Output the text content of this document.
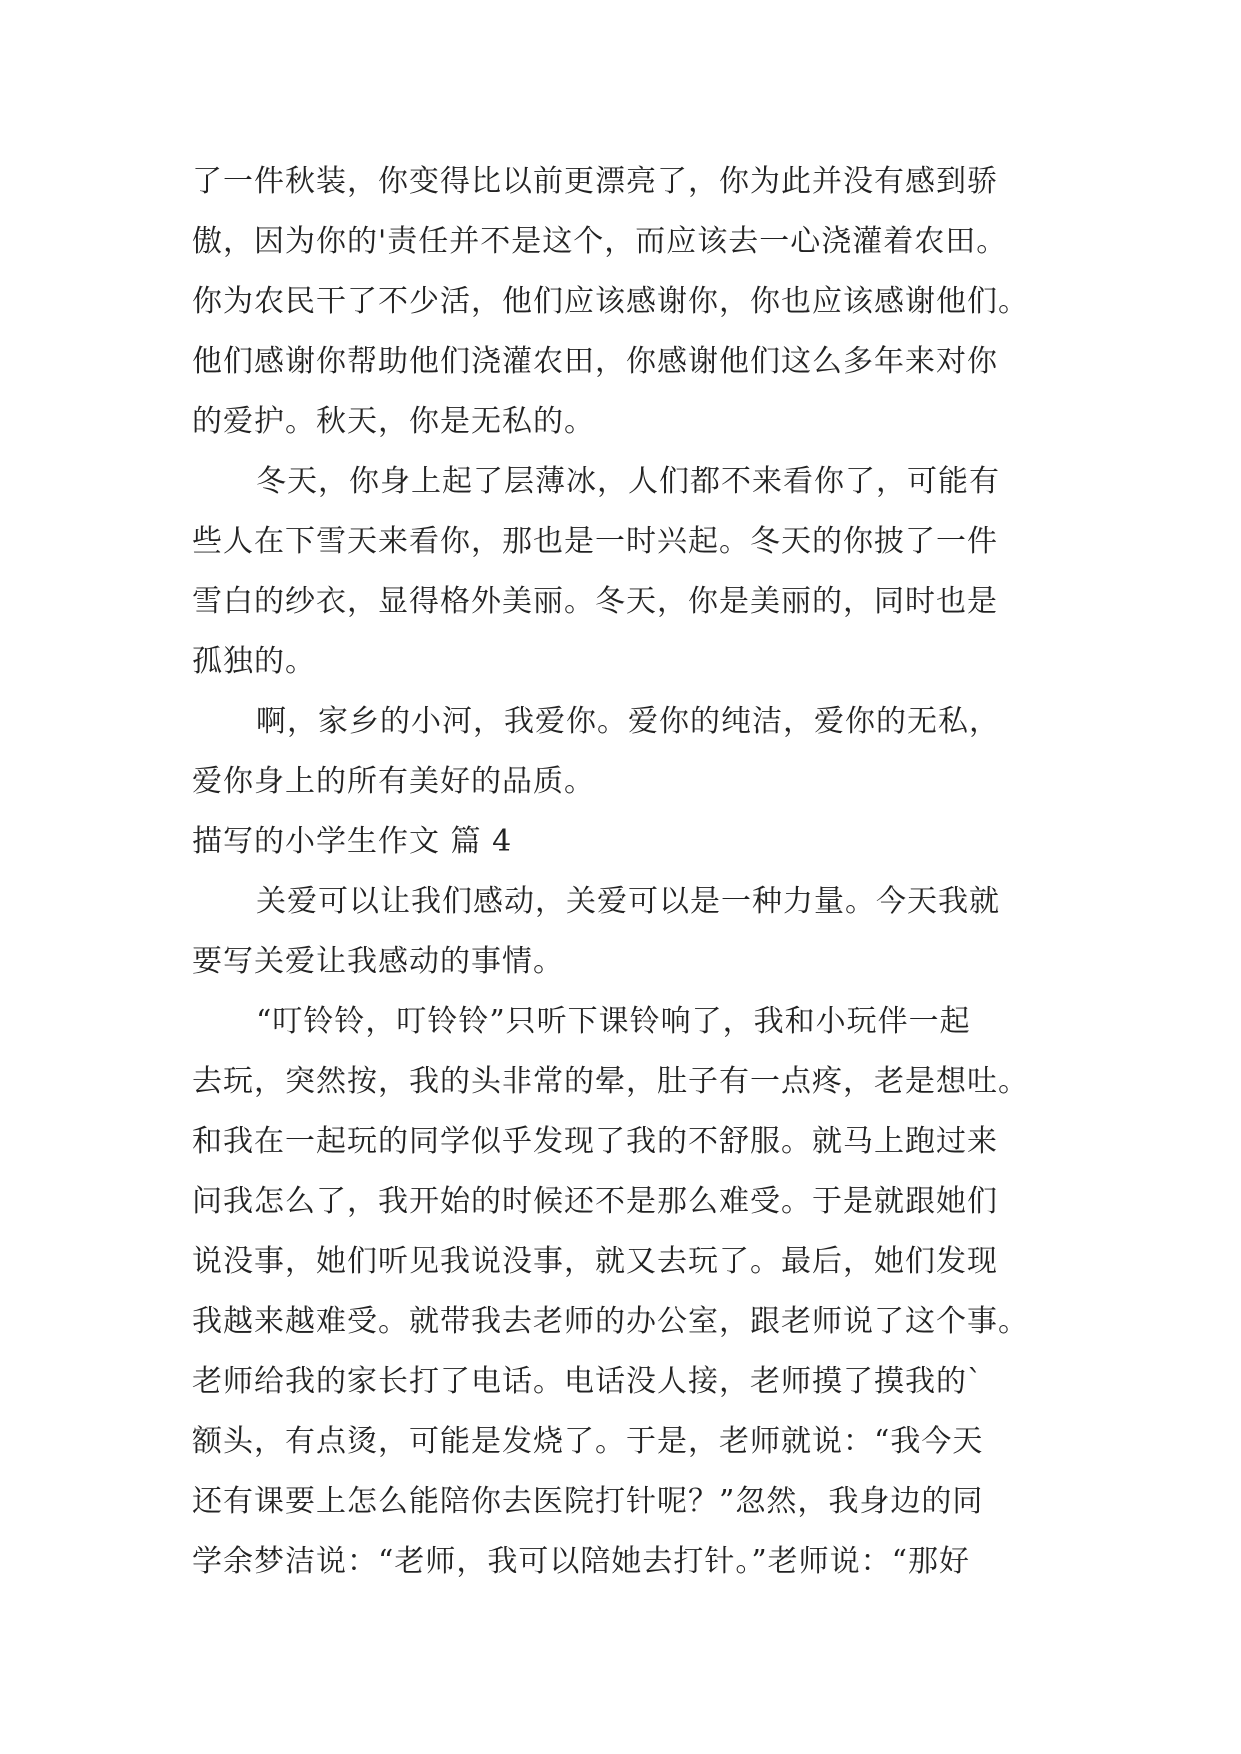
了一件秋装，你变得比以前更漂亮了，你为此并没有感到骄
傲，因为你的'责任并不是这个，而应该去一心浇灌着农田。
你为农民干了不少活，他们应该感谢你，你也应该感谢他们。
他们感谢你帮助他们浇灌农田，你感谢他们这么多年来对你
的爱护。秋天，你是无私的。
冬天，你身上起了层薄冰，人们都不来看你了，可能有
些人在下雪天来看你，那也是一时兴起。冬天的你披了一件
雪白的纱衣，显得格外美丽。冬天，你是美丽的，同时也是
孤独的。
啊，家乡的小河，我爱你。爱你的纯洁，爱你的无私，
爱你身上的所有美好的品质。
描写的小学生作文 篇 4
关爱可以让我们感动，关爱可以是一种力量。今天我就
要写关爱让我感动的事情。
“叮铃铃，叮铃铃”只听下课铃响了，我和小玩伴一起
去玩，突然按，我的头非常的晕，肚子有一点疼，老是想吐。
和我在一起玩的同学似乎发现了我的不舒服。就马上跑过来
问我怎么了，我开始的时候还不是那么难受。于是就跟她们
说没事，她们听见我说没事，就又去玩了。最后，她们发现
我越来越难受。就带我去老师的办公室，跟老师说了这个事。
老师给我的家长打了电话。电话没人接，老师摸了摸我的`
额头，有点烫，可能是发烧了。于是，老师就说：“我今天
还有课要上怎么能陪你去医院打针呢？”忽然，我身边的同
学余梦洁说：“老师，我可以陪她去打针。”老师说：“那好
